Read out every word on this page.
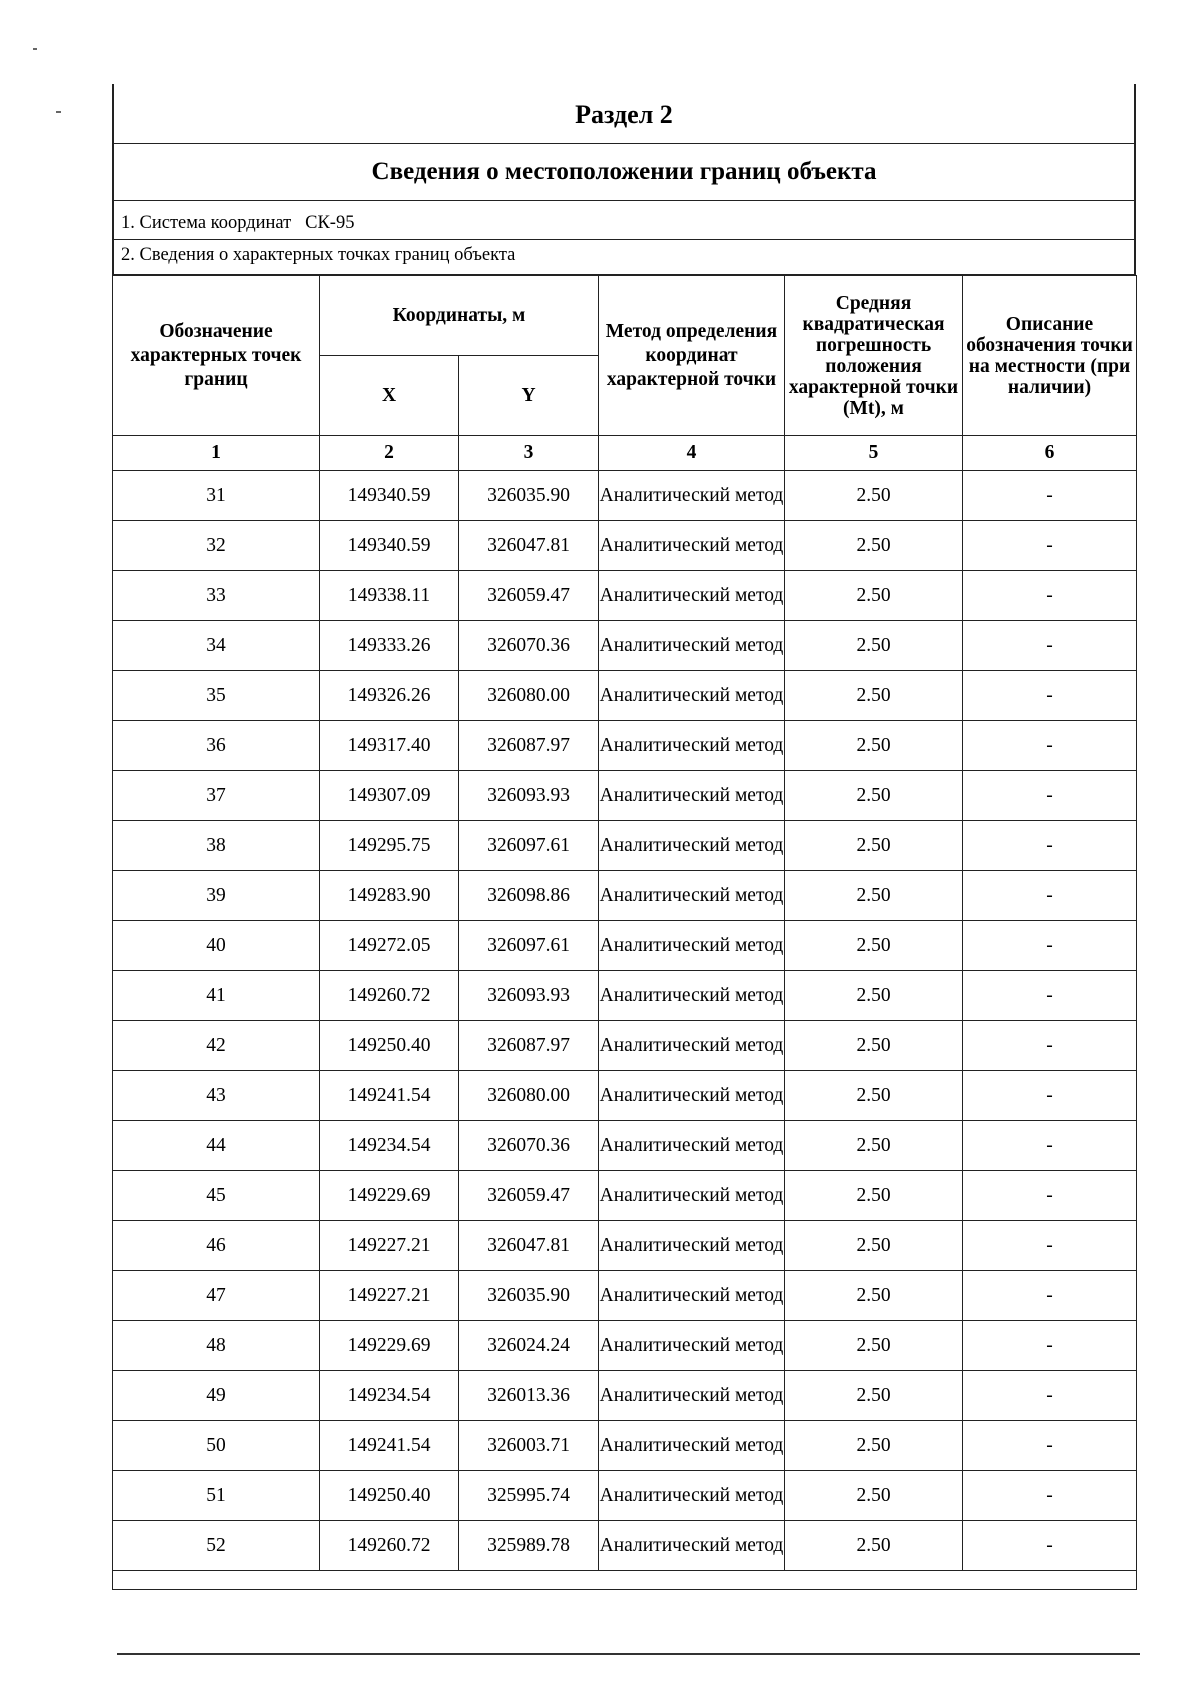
Раздел 2
Сведения о местоположении границ объекта
1. Система координат   СК-95
2. Сведения о характерных точках границ объекта
Обозначение характерных точек границ	Координаты, м		Метод определения координат характерной точки	Средняя квадратическая погрешность положения характерной точки (Mt), м	Описание обозначения точки на местности (при наличии)
	X	Y			
1	2	3	4	5	6
31	149340.59	326035.90	Аналитический метод	2.50	-
32	149340.59	326047.81	Аналитический метод	2.50	-
33	149338.11	326059.47	Аналитический метод	2.50	-
34	149333.26	326070.36	Аналитический метод	2.50	-
35	149326.26	326080.00	Аналитический метод	2.50	-
36	149317.40	326087.97	Аналитический метод	2.50	-
37	149307.09	326093.93	Аналитический метод	2.50	-
38	149295.75	326097.61	Аналитический метод	2.50	-
39	149283.90	326098.86	Аналитический метод	2.50	-
40	149272.05	326097.61	Аналитический метод	2.50	-
41	149260.72	326093.93	Аналитический метод	2.50	-
42	149250.40	326087.97	Аналитический метод	2.50	-
43	149241.54	326080.00	Аналитический метод	2.50	-
44	149234.54	326070.36	Аналитический метод	2.50	-
45	149229.69	326059.47	Аналитический метод	2.50	-
46	149227.21	326047.81	Аналитический метод	2.50	-
47	149227.21	326035.90	Аналитический метод	2.50	-
48	149229.69	326024.24	Аналитический метод	2.50	-
49	149234.54	326013.36	Аналитический метод	2.50	-
50	149241.54	326003.71	Аналитический метод	2.50	-
51	149250.40	325995.74	Аналитический метод	2.50	-
52	149260.72	325989.78	Аналитический метод	2.50	-
